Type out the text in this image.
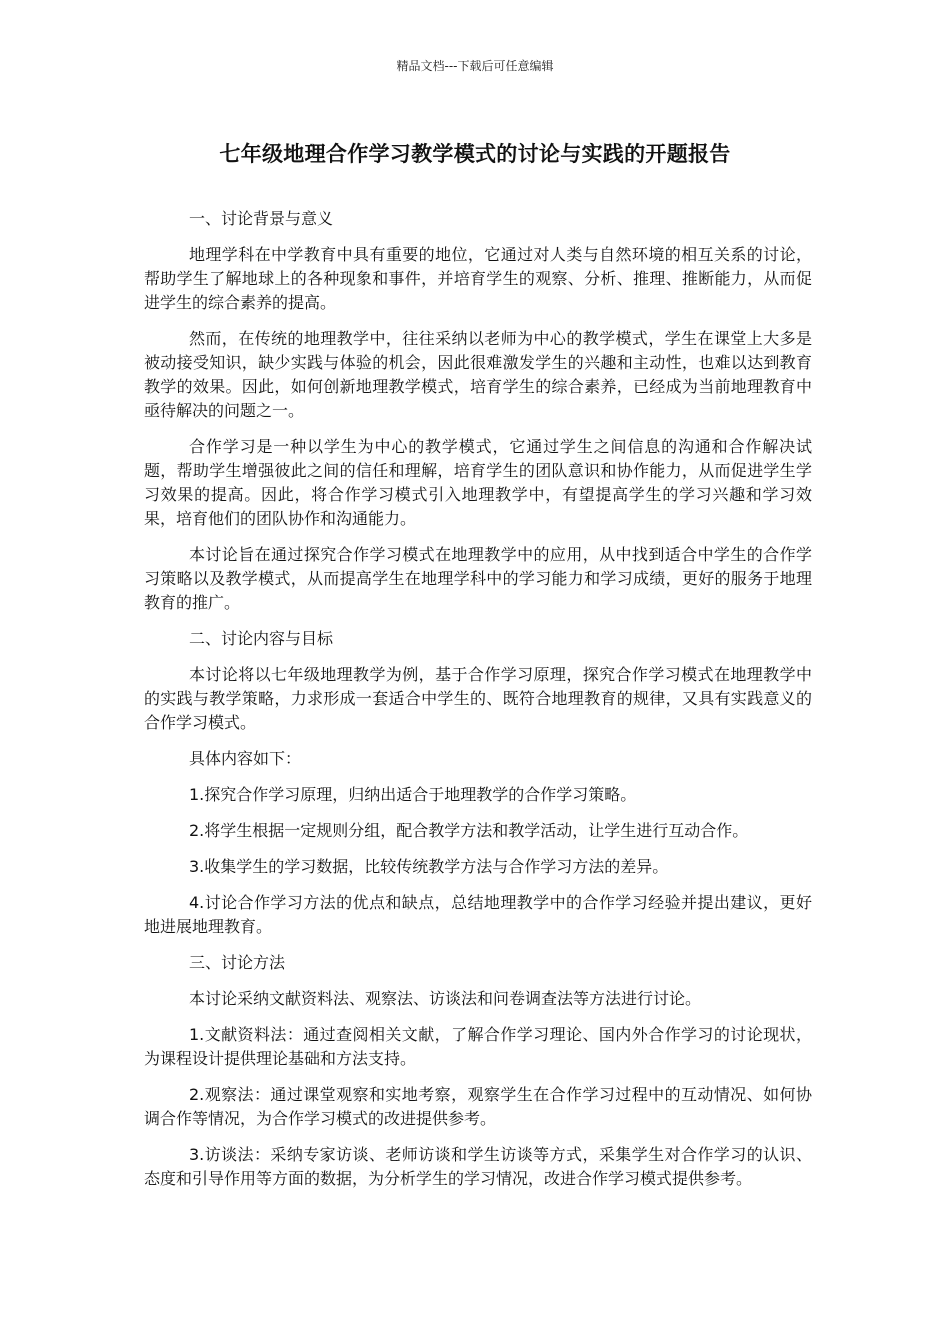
精品文档---下载后可任意编辑
七年级地理合作学习教学模式的讨论与实践的开题报告

一、讨论背景与意义

地理学科在中学教育中具有重要的地位，它通过对人类与自然环境的相互关系的讨论，帮助学生了解地球上的各种现象和事件，并培育学生的观察、分析、推理、推断能力，从而促进学生的综合素养的提高。

然而，在传统的地理教学中，往往采纳以老师为中心的教学模式，学生在课堂上大多是被动接受知识，缺少实践与体验的机会，因此很难激发学生的兴趣和主动性，也难以达到教育教学的效果。因此，如何创新地理教学模式，培育学生的综合素养，已经成为当前地理教育中亟待解决的问题之一。

合作学习是一种以学生为中心的教学模式，它通过学生之间信息的沟通和合作解决试题，帮助学生增强彼此之间的信任和理解，培育学生的团队意识和协作能力，从而促进学生学习效果的提高。因此，将合作学习模式引入地理教学中，有望提高学生的学习兴趣和学习效果，培育他们的团队协作和沟通能力。

本讨论旨在通过探究合作学习模式在地理教学中的应用，从中找到适合中学生的合作学习策略以及教学模式，从而提高学生在地理学科中的学习能力和学习成绩，更好的服务于地理教育的推广。

二、讨论内容与目标

本讨论将以七年级地理教学为例，基于合作学习原理，探究合作学习模式在地理教学中的实践与教学策略，力求形成一套适合中学生的、既符合地理教育的规律，又具有实践意义的合作学习模式。

具体内容如下：

1.探究合作学习原理，归纳出适合于地理教学的合作学习策略。

2.将学生根据一定规则分组，配合教学方法和教学活动，让学生进行互动合作。

3.收集学生的学习数据，比较传统教学方法与合作学习方法的差异。

4.讨论合作学习方法的优点和缺点，总结地理教学中的合作学习经验并提出建议，更好地进展地理教育。

三、讨论方法

本讨论采纳文献资料法、观察法、访谈法和问卷调查法等方法进行讨论。

1.文献资料法：通过查阅相关文献，了解合作学习理论、国内外合作学习的讨论现状，为课程设计提供理论基础和方法支持。

2.观察法：通过课堂观察和实地考察，观察学生在合作学习过程中的互动情况、如何协调合作等情况，为合作学习模式的改进提供参考。

3.访谈法：采纳专家访谈、老师访谈和学生访谈等方式，采集学生对合作学习的认识、态度和引导作用等方面的数据，为分析学生的学习情况，改进合作学习模式提供参考。
